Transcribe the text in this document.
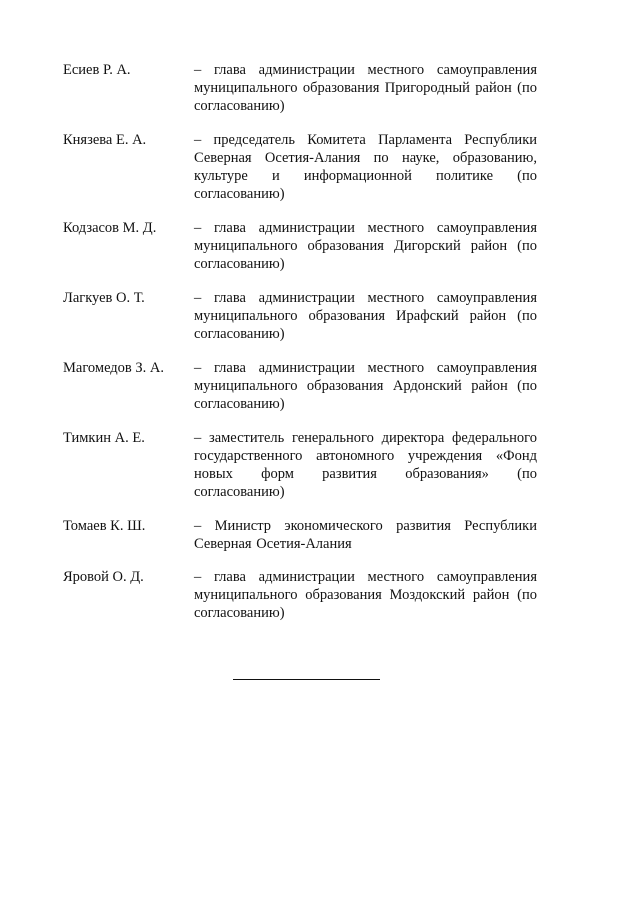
Есиев Р. А.	– глава администрации местного самоуправления муниципального образования Пригородный район (по согласованию)
Князева Е. А.	– председатель Комитета Парламента Республики Северная Осетия-Алания по науке, образованию, культуре и информационной политике (по согласованию)
Кодзасов М. Д.	– глава администрации местного самоуправления муниципального образования Дигорский район (по согласованию)
Лагкуев О. Т.	– глава администрации местного самоуправления муниципального образования Ирафский район (по согласованию)
Магомедов З. А.	– глава администрации местного самоуправления муниципального образования Ардонский район (по согласованию)
Тимкин А. Е.	– заместитель генерального директора федерального государственного автономного учреждения «Фонд новых форм развития образования» (по согласованию)
Томаев К. Ш.	– Министр экономического развития Республики Северная Осетия-Алания
Яровой О. Д.	– глава администрации местного самоуправления муниципального образования Моздокский район (по согласованию)
